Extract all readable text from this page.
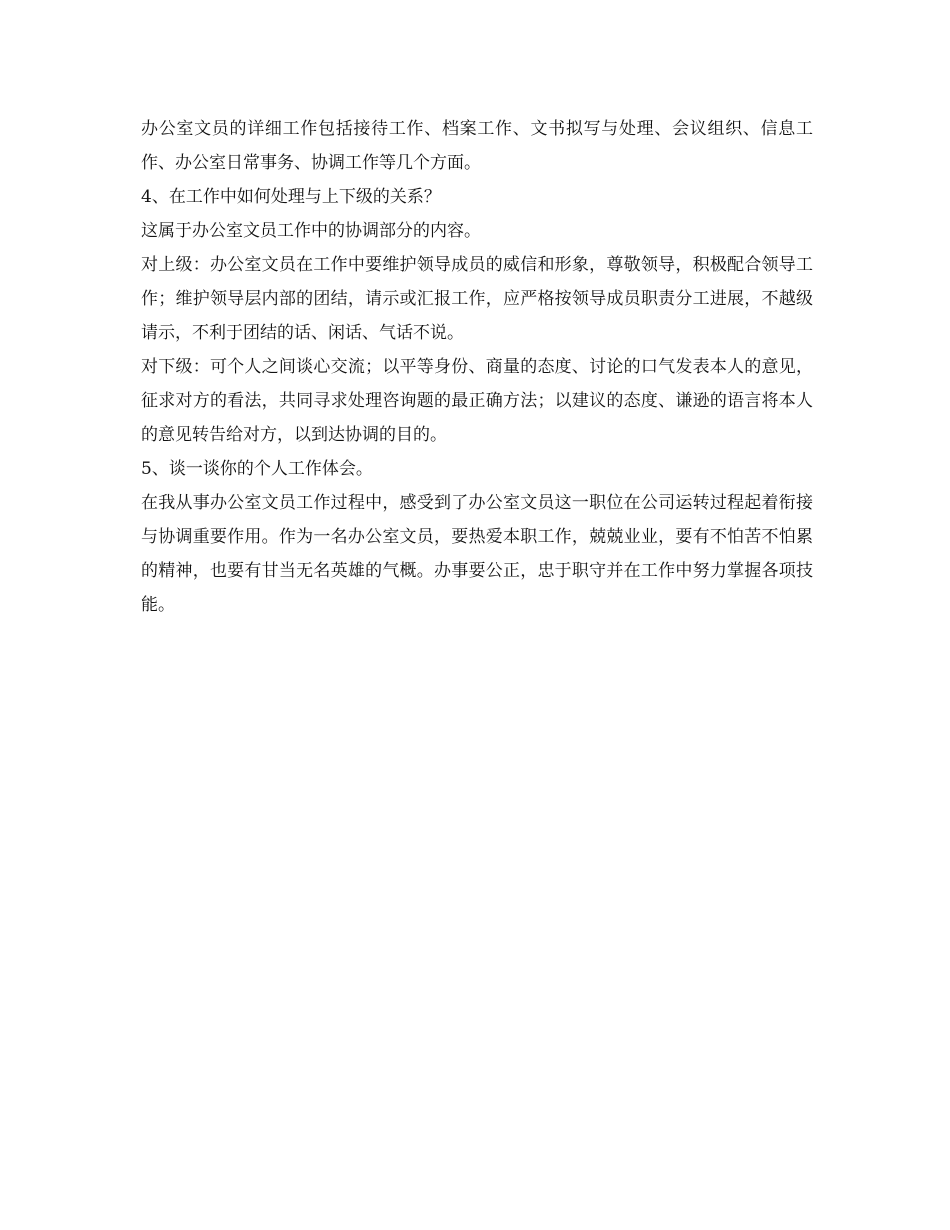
办公室文员的详细工作包括接待工作、档案工作、文书拟写与处理、会议组织、信息工作、办公室日常事务、协调工作等几个方面。

4、在工作中如何处理与上下级的关系？

这属于办公室文员工作中的协调部分的内容。

对上级：办公室文员在工作中要维护领导成员的威信和形象，尊敬领导，积极配合领导工作；维护领导层内部的团结，请示或汇报工作，应严格按领导成员职责分工进展，不越级请示，不利于团结的话、闲话、气话不说。

对下级：可个人之间谈心交流；以平等身份、商量的态度、讨论的口气发表本人的意见，征求对方的看法，共同寻求处理咨询题的最正确方法；以建议的态度、谦逊的语言将本人的意见转告给对方，以到达协调的目的。

5、谈一谈你的个人工作体会。

在我从事办公室文员工作过程中，感受到了办公室文员这一职位在公司运转过程起着衔接与协调重要作用。作为一名办公室文员，要热爱本职工作，兢兢业业，要有不怕苦不怕累的精神，也要有甘当无名英雄的气概。办事要公正，忠于职守并在工作中努力掌握各项技能。
